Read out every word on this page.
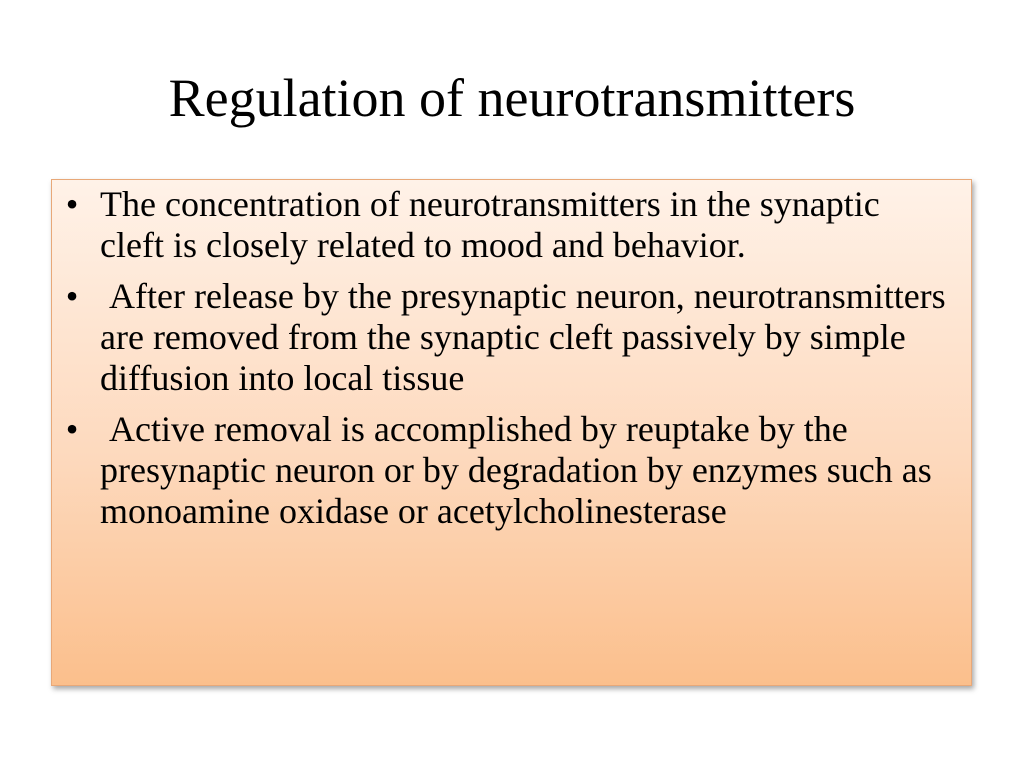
Regulation of neurotransmitters
• The concentration of neurotransmitters in the synaptic cleft is closely related to mood and behavior.
• After release by the presynaptic neuron, neurotransmitters are removed from the synaptic cleft passively by simple diffusion into local tissue
• Active removal is accomplished by reuptake by the presynaptic neuron or by degradation by enzymes such as monoamine oxidase or acetylcholinesterase
